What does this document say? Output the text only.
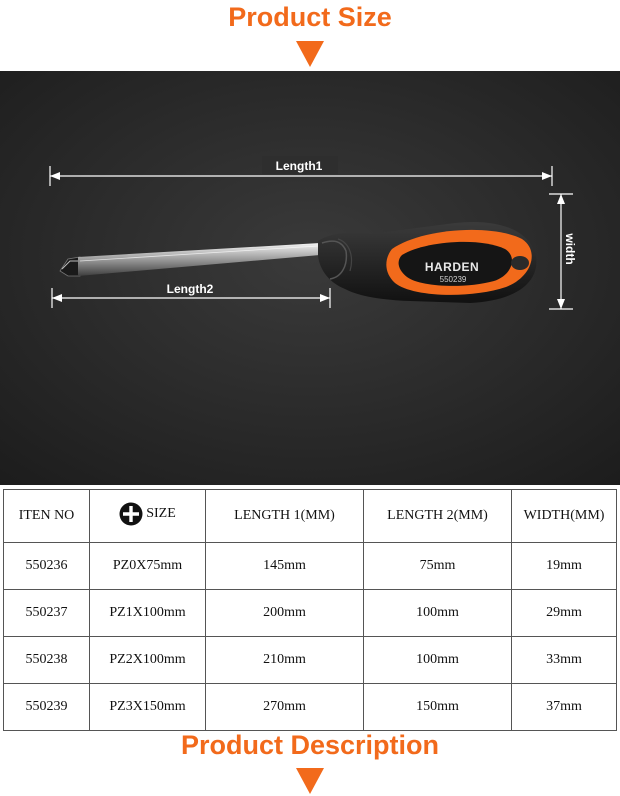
Product Size
Length1
Length2
width
HARDEN
550239
ITEN NO	SIZE	LENGTH 1(MM)	LENGTH 2(MM)	WIDTH(MM)
550236	PZ0X75mm	145mm	75mm	19mm
550237	PZ1X100mm	200mm	100mm	29mm
550238	PZ2X100mm	210mm	100mm	33mm
550239	PZ3X150mm	270mm	150mm	37mm
Product Description
